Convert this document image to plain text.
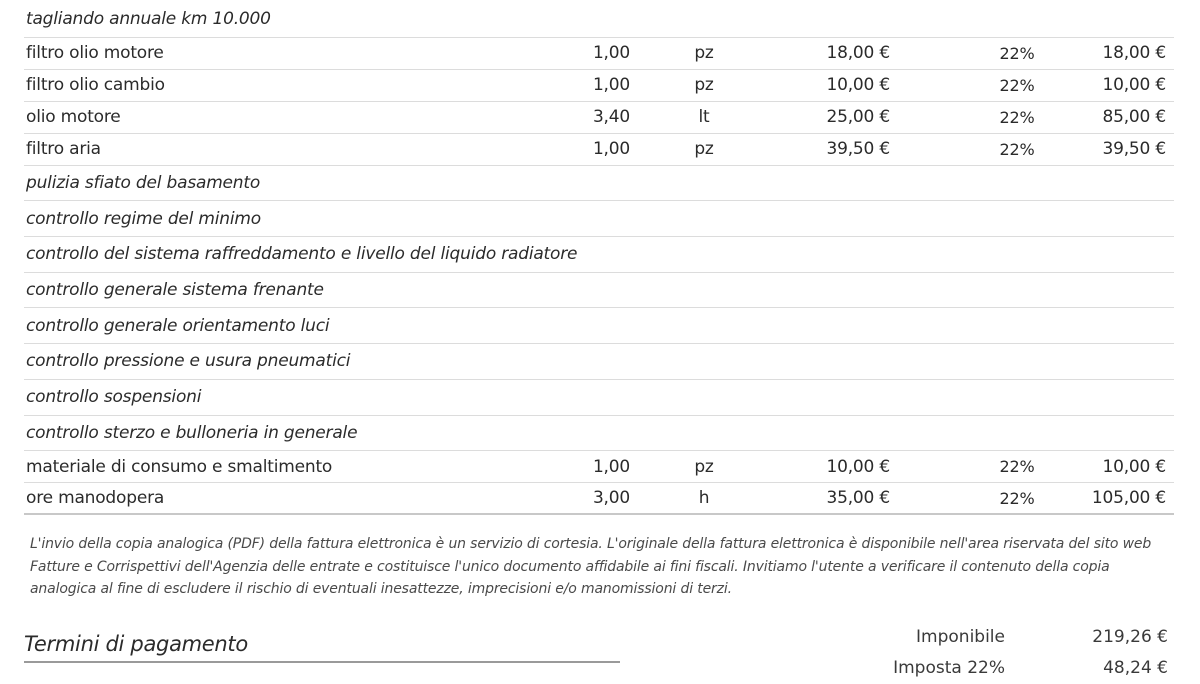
tagliando annuale km 10.000
filtro olio motore	1,00	pz	18,00 €	22%	18,00 €
filtro olio cambio	1,00	pz	10,00 €	22%	10,00 €
olio motore	3,40	lt	25,00 €	22%	85,00 €
filtro aria	1,00	pz	39,50 €	22%	39,50 €
pulizia sfiato del basamento
controllo regime del minimo
controllo del sistema raffreddamento e livello del liquido radiatore
controllo generale sistema frenante
controllo generale orientamento luci
controllo pressione e usura pneumatici
controllo sospensioni
controllo sterzo e bulloneria in generale
materiale di consumo e smaltimento	1,00	pz	10,00 €	22%	10,00 €
ore manodopera	3,00	h	35,00 €	22%	105,00 €
L'invio della copia analogica (PDF) della fattura elettronica è un servizio di cortesia. L'originale della fattura elettronica è disponibile nell'area riservata del sito web Fatture e Corrispettivi dell'Agenzia delle entrate e costituisce l'unico documento affidabile ai fini fiscali. Invitiamo l'utente a verificare il contenuto della copia analogica al fine di escludere il rischio di eventuali inesattezze, imprecisioni e/o manomissioni di terzi.
Termini di pagamento	Imponibile	219,26 €
Imposta 22%	48,24 €
